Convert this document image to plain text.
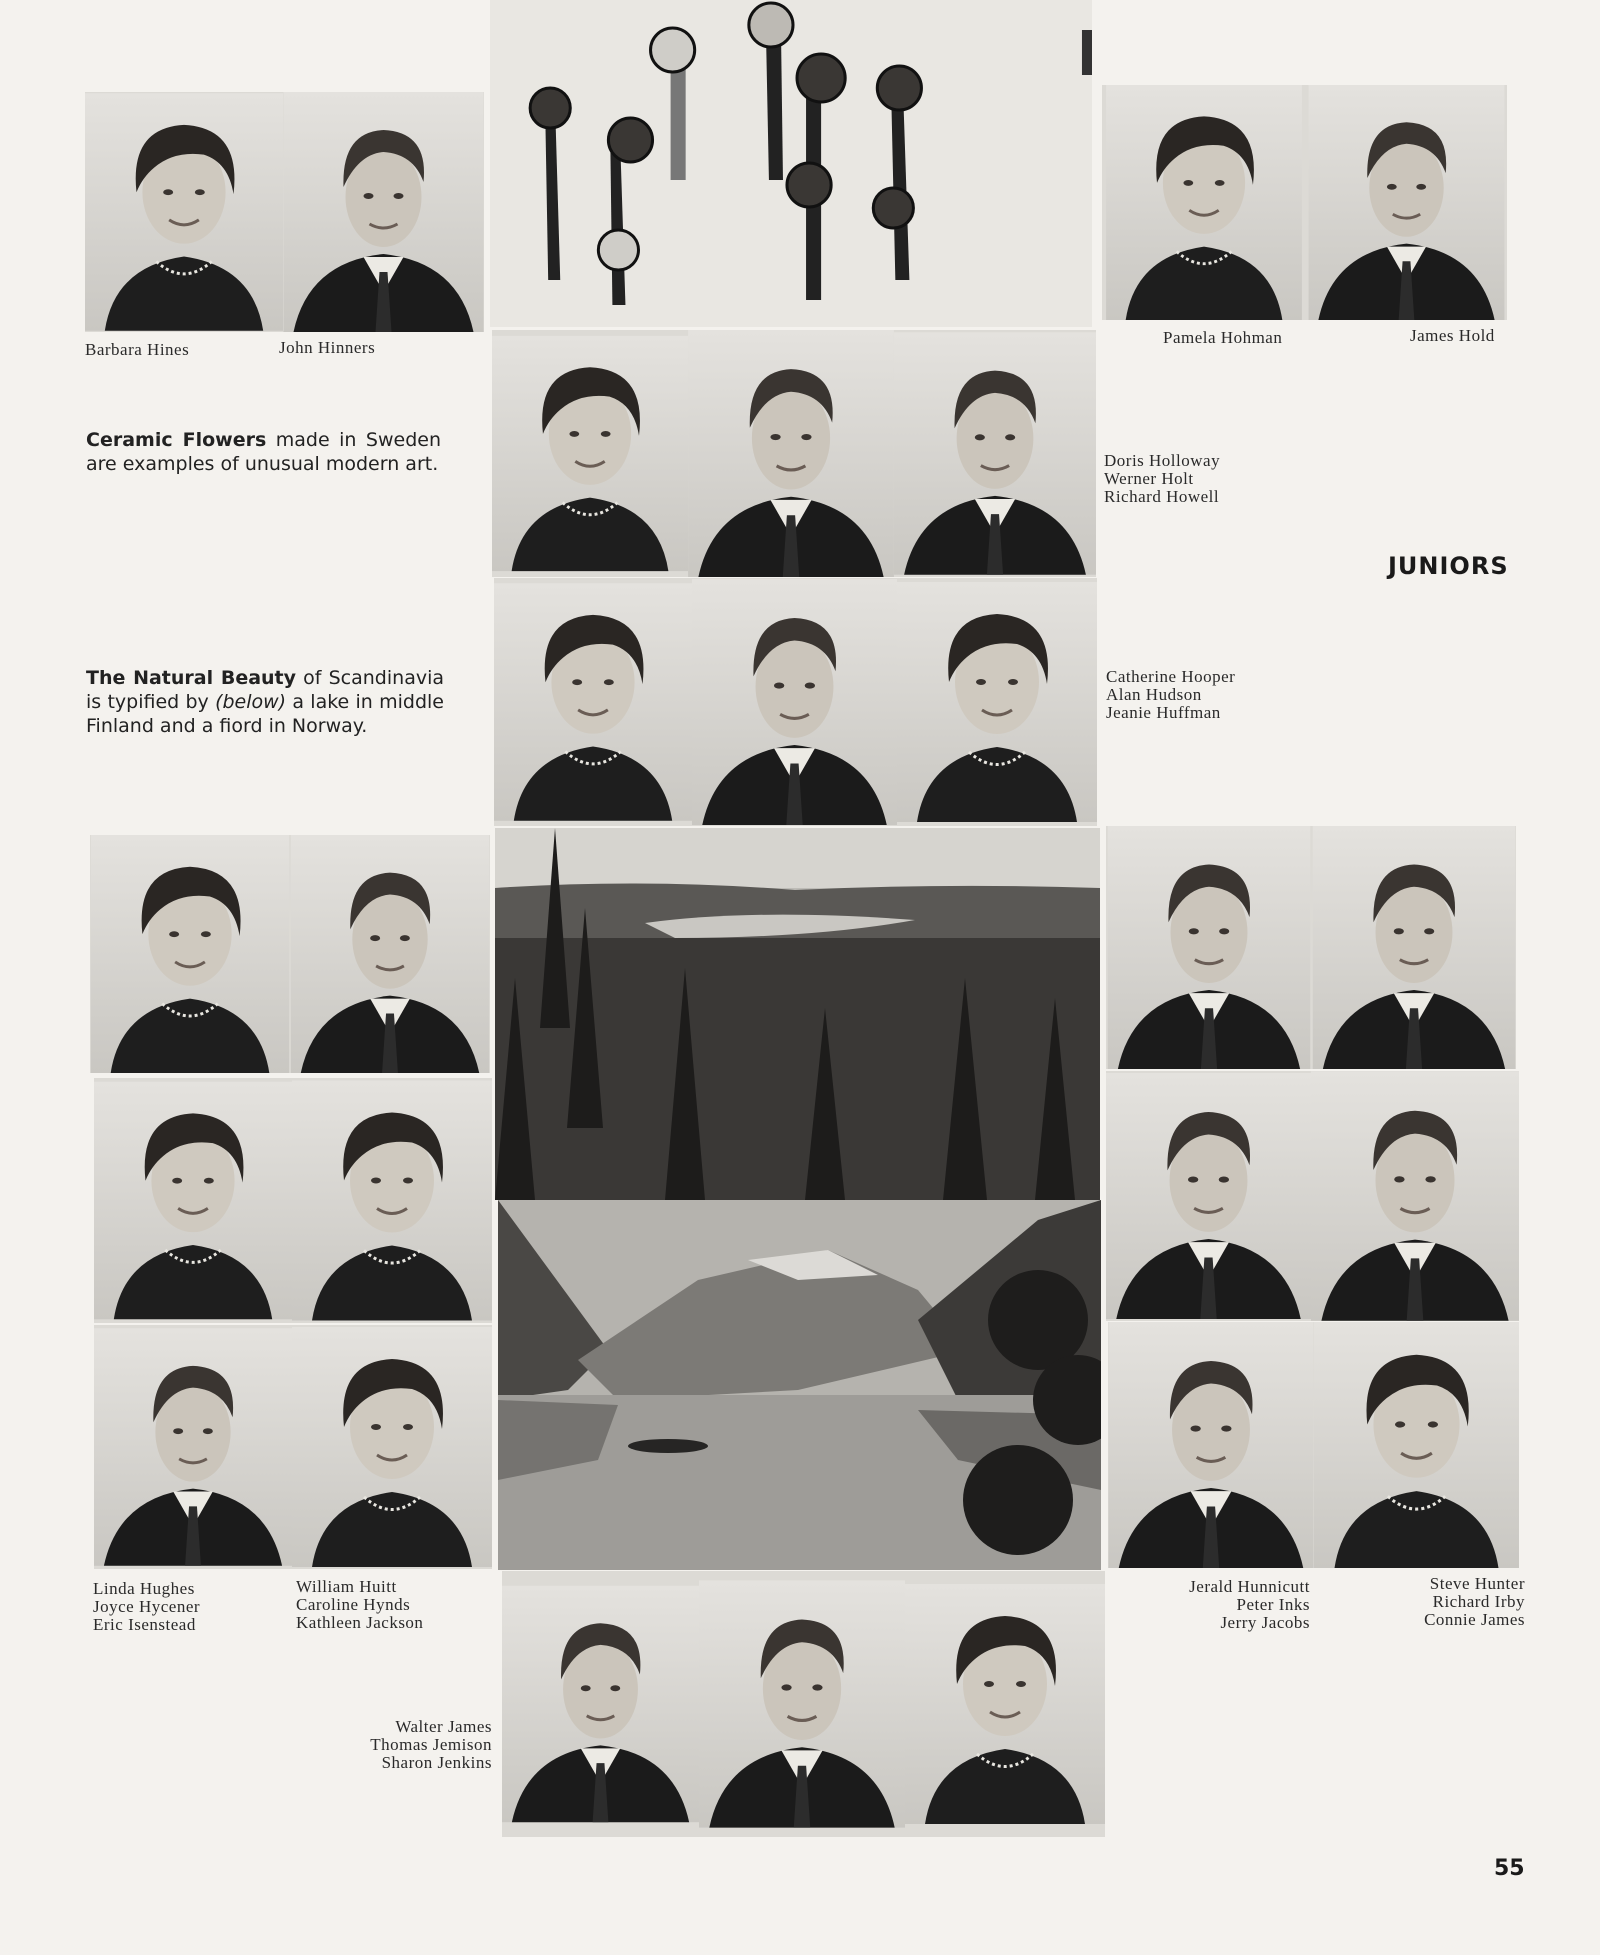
Barbara Hines	John Hinners
Pamela Hohman	James Hold
Ceramic Flowers made in Sweden are examples of unusual modern art.
The Natural Beauty of Scandinavia is typified by (below) a lake in middle Finland and a fiord in Norway.
Doris Holloway
Werner Holt
Richard Howell
JUNIORS
Catherine Hooper
Alan Hudson
Jeanie Huffman
Linda Hughes
Joyce Hycener
Eric Isenstead
William Huitt
Caroline Hynds
Kathleen Jackson
Jerald Hunnicutt
Peter Inks
Jerry Jacobs
Steve Hunter
Richard Irby
Connie James
Walter James
Thomas Jemison
Sharon Jenkins
55
